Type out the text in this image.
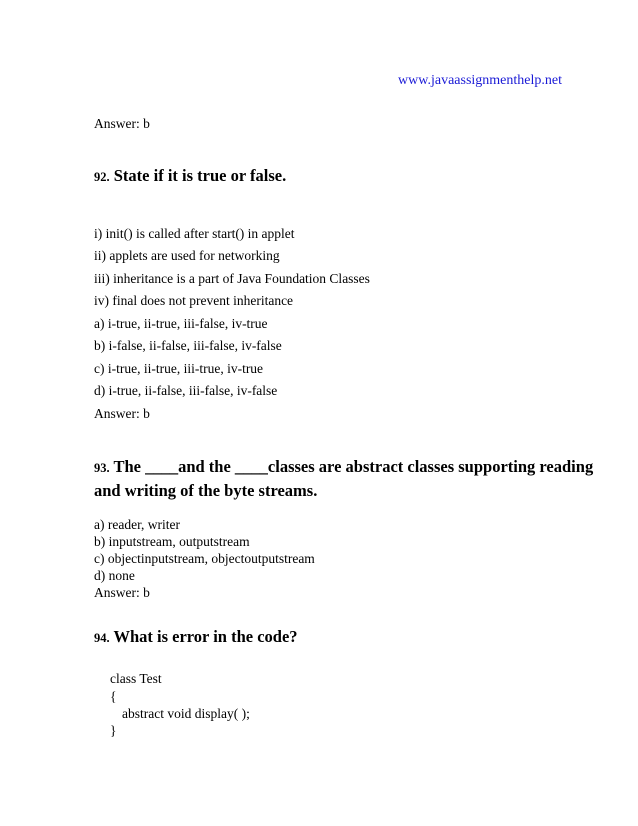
www.javaassignmenthelp.net
Answer: b
92. State if it is true or false.
i) init() is called after start() in applet
ii) applets are used for networking
iii) inheritance is a part of Java Foundation Classes
iv) final does not prevent inheritance
a) i-true, ii-true, iii-false, iv-true
b) i-false, ii-false, iii-false, iv-false
c) i-true, ii-true, iii-true, iv-true
d) i-true, ii-false, iii-false, iv-false
Answer: b
93. The ____and the ____classes are abstract classes supporting reading
and writing of the byte streams.
a) reader, writer
b) inputstream, outputstream
c) objectinputstream, objectoutputstream
d) none
Answer: b
94. What is error in the code?
class Test
{
abstract void display( );
}
